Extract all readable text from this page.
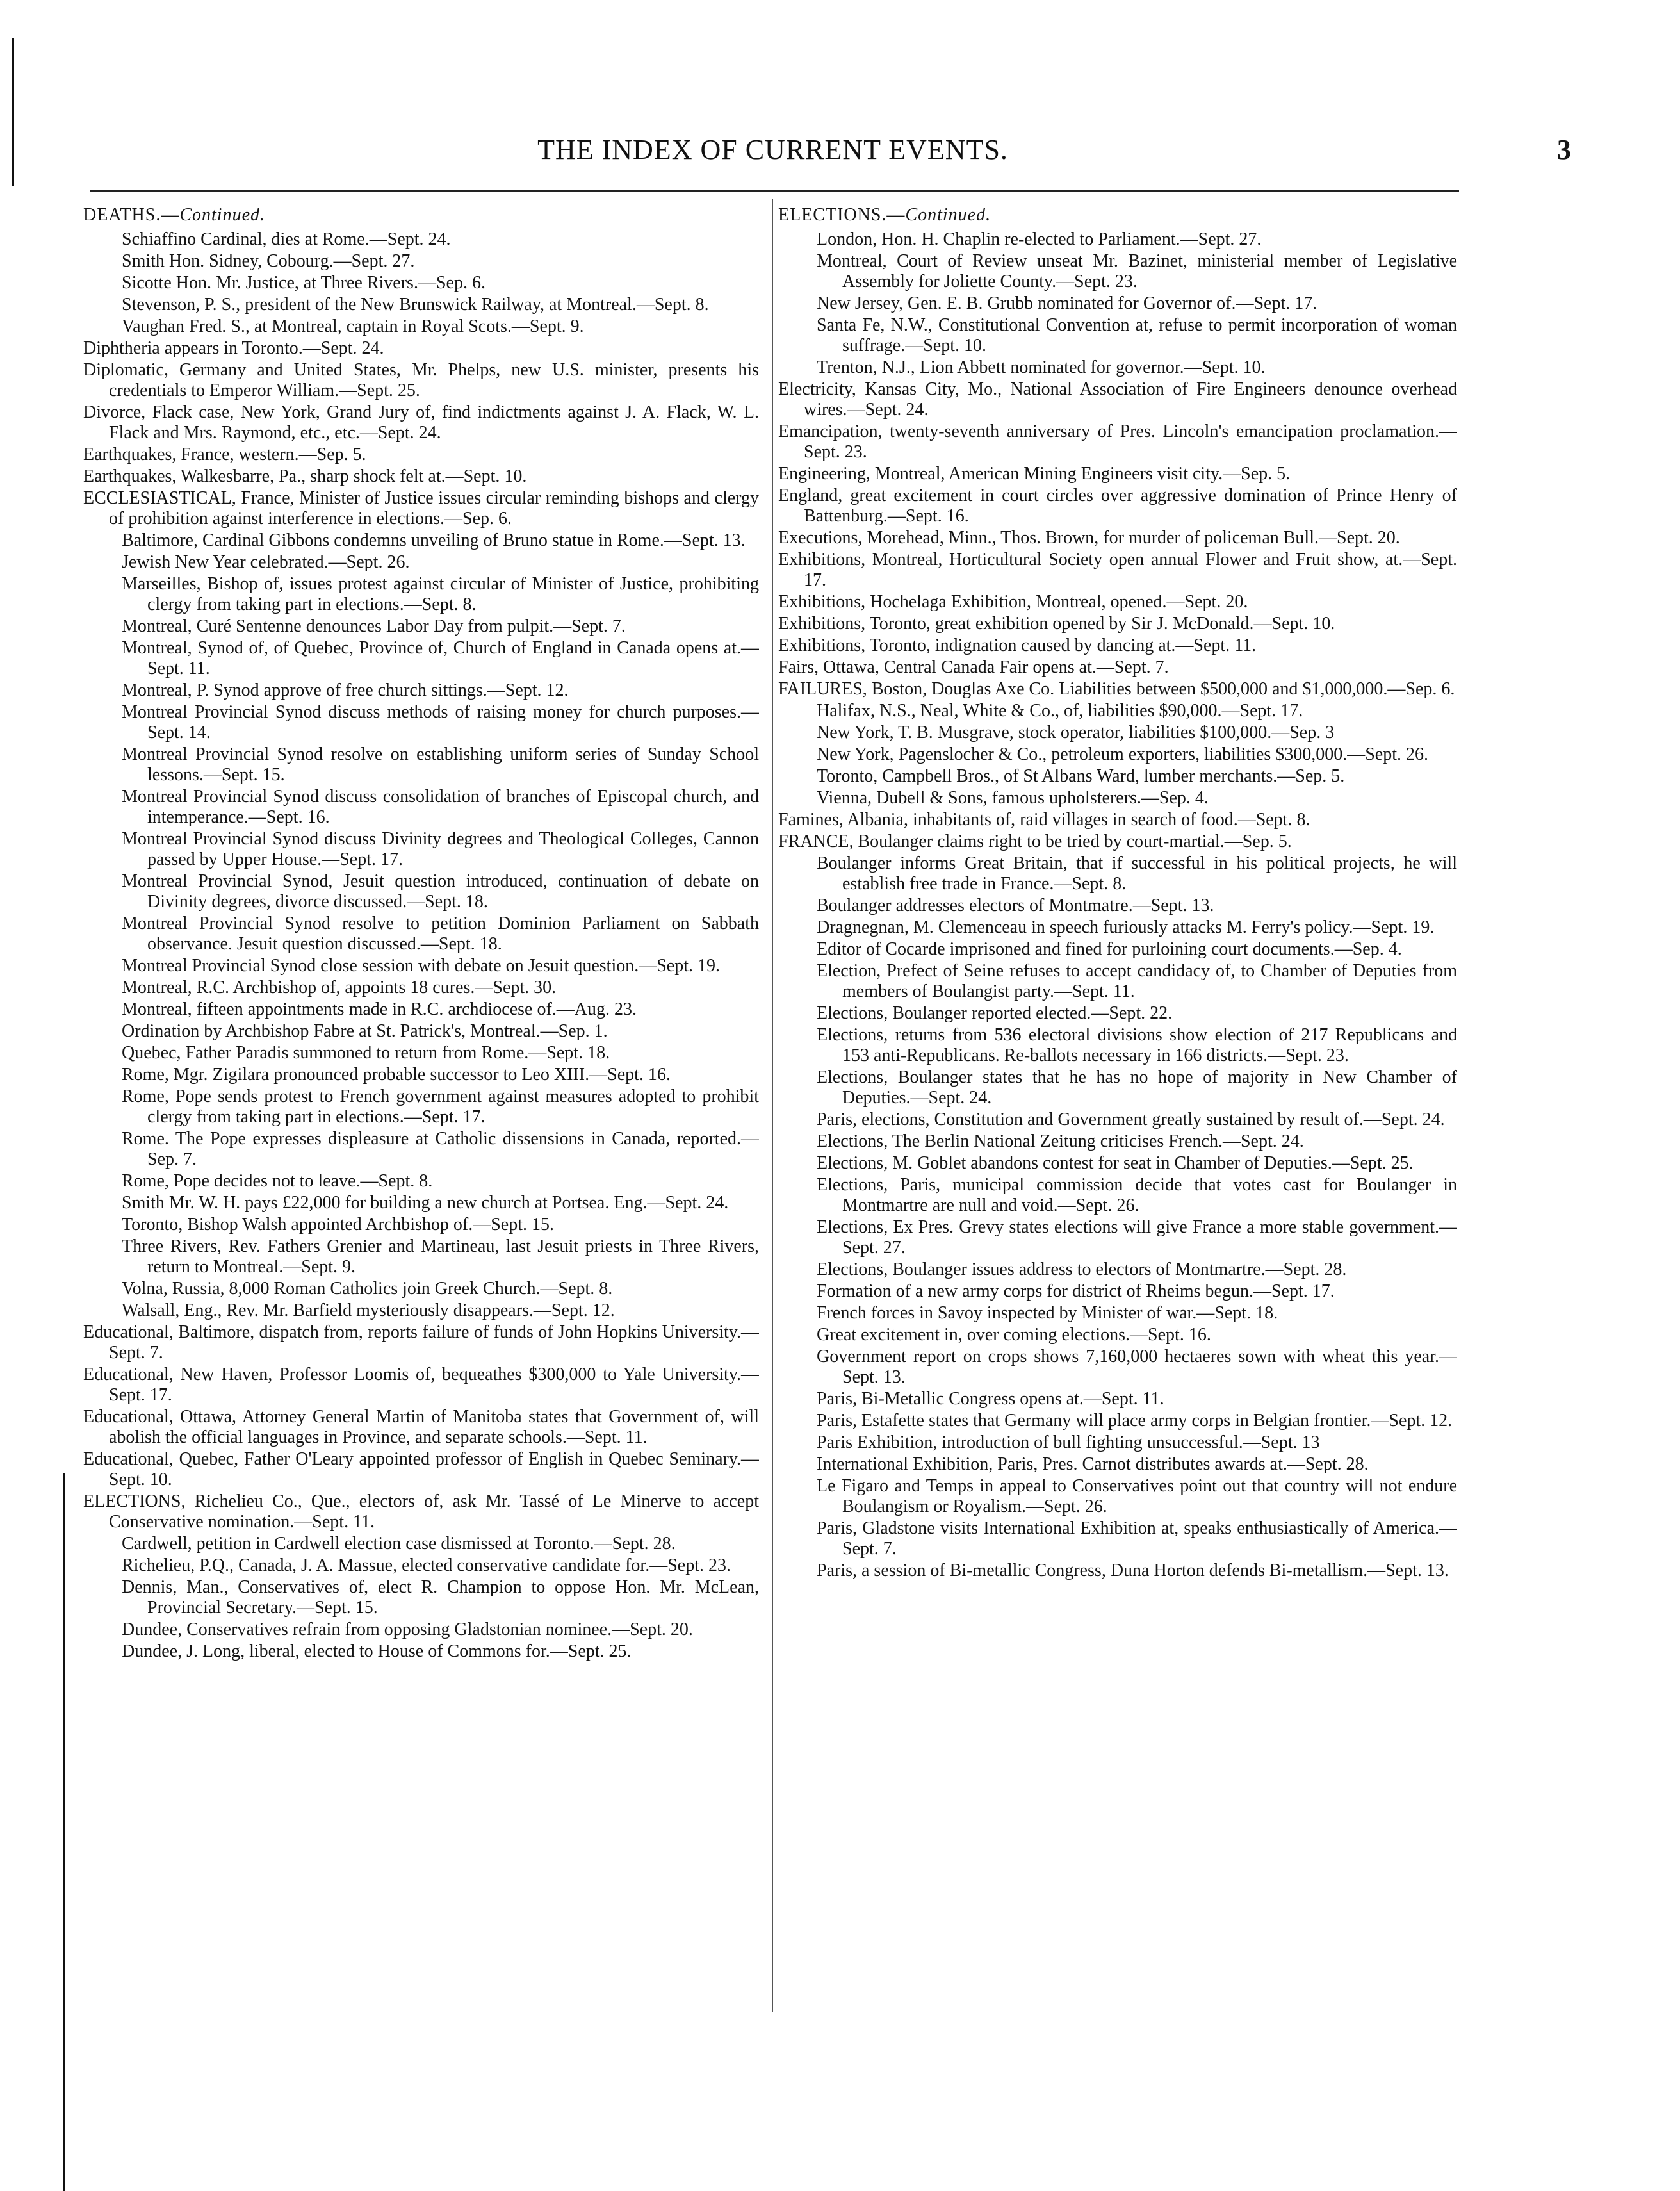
THE INDEX OF CURRENT EVENTS.	3
DEATHS.—Continued.

Schiaffino Cardinal, dies at Rome.—Sept. 24.

Smith Hon. Sidney, Cobourg.—Sept. 27.

Sicotte Hon. Mr. Justice, at Three Rivers.—Sep. 6.

Stevenson, P. S., president of the New Brunswick Railway, at Montreal.—Sept. 8.

Vaughan Fred. S., at Montreal, captain in Royal Scots.—Sept. 9.

Diphtheria appears in Toronto.—Sept. 24.

Diplomatic, Germany and United States, Mr. Phelps, new U.S. minister, presents his credentials to Emperor William.—Sept. 25.

Divorce, Flack case, New York, Grand Jury of, find indictments against J. A. Flack, W. L. Flack and Mrs. Raymond, etc., etc.—Sept. 24.

Earthquakes, France, western.—Sep. 5.

Earthquakes, Walkesbarre, Pa., sharp shock felt at.—Sept. 10.

ECCLESIASTICAL, France, Minister of Justice issues circular reminding bishops and clergy of prohibition against interference in elections.—Sep. 6.

Baltimore, Cardinal Gibbons condemns unveiling of Bruno statue in Rome.—Sept. 13.

Jewish New Year celebrated.—Sept. 26.

Marseilles, Bishop of, issues protest against circular of Minister of Justice, prohibiting clergy from taking part in elections.—Sept. 8.

Montreal, Curé Sentenne denounces Labor Day from pulpit.—Sept. 7.

Montreal, Synod of, of Quebec, Province of, Church of England in Canada opens at.—Sept. 11.

Montreal, P. Synod approve of free church sittings.—Sept. 12.

Montreal Provincial Synod discuss methods of raising money for church purposes.—Sept. 14.

Montreal Provincial Synod resolve on establishing uniform series of Sunday School lessons.—Sept. 15.

Montreal Provincial Synod discuss consolidation of branches of Episcopal church, and intemperance.—Sept. 16.

Montreal Provincial Synod discuss Divinity degrees and Theological Colleges, Cannon passed by Upper House.—Sept. 17.

Montreal Provincial Synod, Jesuit question introduced, continuation of debate on Divinity degrees, divorce discussed.—Sept. 18.

Montreal Provincial Synod resolve to petition Dominion Parliament on Sabbath observance. Jesuit question discussed.—Sept. 18.

Montreal Provincial Synod close session with debate on Jesuit question.—Sept. 19.

Montreal, R.C. Archbishop of, appoints 18 cures.—Sept. 30.

Montreal, fifteen appointments made in R.C. archdiocese of.—Aug. 23.

Ordination by Archbishop Fabre at St. Patrick's, Montreal.—Sep. 1.

Quebec, Father Paradis summoned to return from Rome.—Sept. 18.

Rome, Mgr. Zigilara pronounced probable successor to Leo XIII.—Sept. 16.

Rome, Pope sends protest to French government against measures adopted to prohibit clergy from taking part in elections.—Sept. 17.

Rome. The Pope expresses displeasure at Catholic dissensions in Canada, reported.—Sep. 7.

Rome, Pope decides not to leave.—Sept. 8.

Smith Mr. W. H. pays £22,000 for building a new church at Portsea. Eng.—Sept. 24.

Toronto, Bishop Walsh appointed Archbishop of.—Sept. 15.

Three Rivers, Rev. Fathers Grenier and Martineau, last Jesuit priests in Three Rivers, return to Montreal.—Sept. 9.

Volna, Russia, 8,000 Roman Catholics join Greek Church.—Sept. 8.

Walsall, Eng., Rev. Mr. Barfield mysteriously disappears.—Sept. 12.

Educational, Baltimore, dispatch from, reports failure of funds of John Hopkins University.—Sept. 7.

Educational, New Haven, Professor Loomis of, bequeathes $300,000 to Yale University.—Sept. 17.

Educational, Ottawa, Attorney General Martin of Manitoba states that Government of, will abolish the official languages in Province, and separate schools.—Sept. 11.

Educational, Quebec, Father O'Leary appointed professor of English in Quebec Seminary.—Sept. 10.

ELECTIONS, Richelieu Co., Que., electors of, ask Mr. Tassé of Le Minerve to accept Conservative nomination.—Sept. 11.

Cardwell, petition in Cardwell election case dismissed at Toronto.—Sept. 28.

Richelieu, P.Q., Canada, J. A. Massue, elected conservative candidate for.—Sept. 23.

Dennis, Man., Conservatives of, elect R. Champion to oppose Hon. Mr. McLean, Provincial Secretary.—Sept. 15.

Dundee, Conservatives refrain from opposing Gladstonian nominee.—Sept. 20.

Dundee, J. Long, liberal, elected to House of Commons for.—Sept. 25.

ELECTIONS.—Continued.

London, Hon. H. Chaplin re-elected to Parliament.—Sept. 27.

Montreal, Court of Review unseat Mr. Bazinet, ministerial member of Legislative Assembly for Joliette County.—Sept. 23.

New Jersey, Gen. E. B. Grubb nominated for Governor of.—Sept. 17.

Santa Fe, N.W., Constitutional Convention at, refuse to permit incorporation of woman suffrage.—Sept. 10.

Trenton, N.J., Lion Abbett nominated for governor.—Sept. 10.

Electricity, Kansas City, Mo., National Association of Fire Engineers denounce overhead wires.—Sept. 24.

Emancipation, twenty-seventh anniversary of Pres. Lincoln's emancipation proclamation.—Sept. 23.

Engineering, Montreal, American Mining Engineers visit city.—Sep. 5.

England, great excitement in court circles over aggressive domination of Prince Henry of Battenburg.—Sept. 16.

Executions, Morehead, Minn., Thos. Brown, for murder of policeman Bull.—Sept. 20.

Exhibitions, Montreal, Horticultural Society open annual Flower and Fruit show, at.—Sept. 17.

Exhibitions, Hochelaga Exhibition, Montreal, opened.—Sept. 20.

Exhibitions, Toronto, great exhibition opened by Sir J. McDonald.—Sept. 10.

Exhibitions, Toronto, indignation caused by dancing at.—Sept. 11.

Fairs, Ottawa, Central Canada Fair opens at.—Sept. 7.

FAILURES, Boston, Douglas Axe Co. Liabilities between $500,000 and $1,000,000.—Sep. 6.

Halifax, N.S., Neal, White & Co., of, liabilities $90,000.—Sept. 17.

New York, T. B. Musgrave, stock operator, liabilities $100,000.—Sep. 3

New York, Pagenslocher & Co., petroleum exporters, liabilities $300,000.—Sept. 26.

Toronto, Campbell Bros., of St Albans Ward, lumber merchants.—Sep. 5.

Vienna, Dubell & Sons, famous upholsterers.—Sep. 4.

Famines, Albania, inhabitants of, raid villages in search of food.—Sept. 8.

FRANCE, Boulanger claims right to be tried by court-martial.—Sep. 5.

Boulanger informs Great Britain, that if successful in his political projects, he will establish free trade in France.—Sept. 8.

Boulanger addresses electors of Montmatre.—Sept. 13.

Dragnegnan, M. Clemenceau in speech furiously attacks M. Ferry's policy.—Sept. 19.

Editor of Cocarde imprisoned and fined for purloining court documents.—Sep. 4.

Election, Prefect of Seine refuses to accept candidacy of, to Chamber of Deputies from members of Boulangist party.—Sept. 11.

Elections, Boulanger reported elected.—Sept. 22.

Elections, returns from 536 electoral divisions show election of 217 Republicans and 153 anti-Republicans. Re-ballots necessary in 166 districts.—Sept. 23.

Elections, Boulanger states that he has no hope of majority in New Chamber of Deputies.—Sept. 24.

Paris, elections, Constitution and Government greatly sustained by result of.—Sept. 24.

Elections, The Berlin National Zeitung criticises French.—Sept. 24.

Elections, M. Goblet abandons contest for seat in Chamber of Deputies.—Sept. 25.

Elections, Paris, municipal commission decide that votes cast for Boulanger in Montmartre are null and void.—Sept. 26.

Elections, Ex Pres. Grevy states elections will give France a more stable government.—Sept. 27.

Elections, Boulanger issues address to electors of Montmartre.—Sept. 28.

Formation of a new army corps for district of Rheims begun.—Sept. 17.

French forces in Savoy inspected by Minister of war.—Sept. 18.

Great excitement in, over coming elections.—Sept. 16.

Government report on crops shows 7,160,000 hectaeres sown with wheat this year.—Sept. 13.

Paris, Bi-Metallic Congress opens at.—Sept. 11.

Paris, Estafette states that Germany will place army corps in Belgian frontier.—Sept. 12.

Paris Exhibition, introduction of bull fighting unsuccessful.—Sept. 13

International Exhibition, Paris, Pres. Carnot distributes awards at.—Sept. 28.

Le Figaro and Temps in appeal to Conservatives point out that country will not endure Boulangism or Royalism.—Sept. 26.

Paris, Gladstone visits International Exhibition at, speaks enthusiastically of America.—Sept. 7.

Paris, a session of Bi-metallic Congress, Duna Horton defends Bi-metallism.—Sept. 13.
